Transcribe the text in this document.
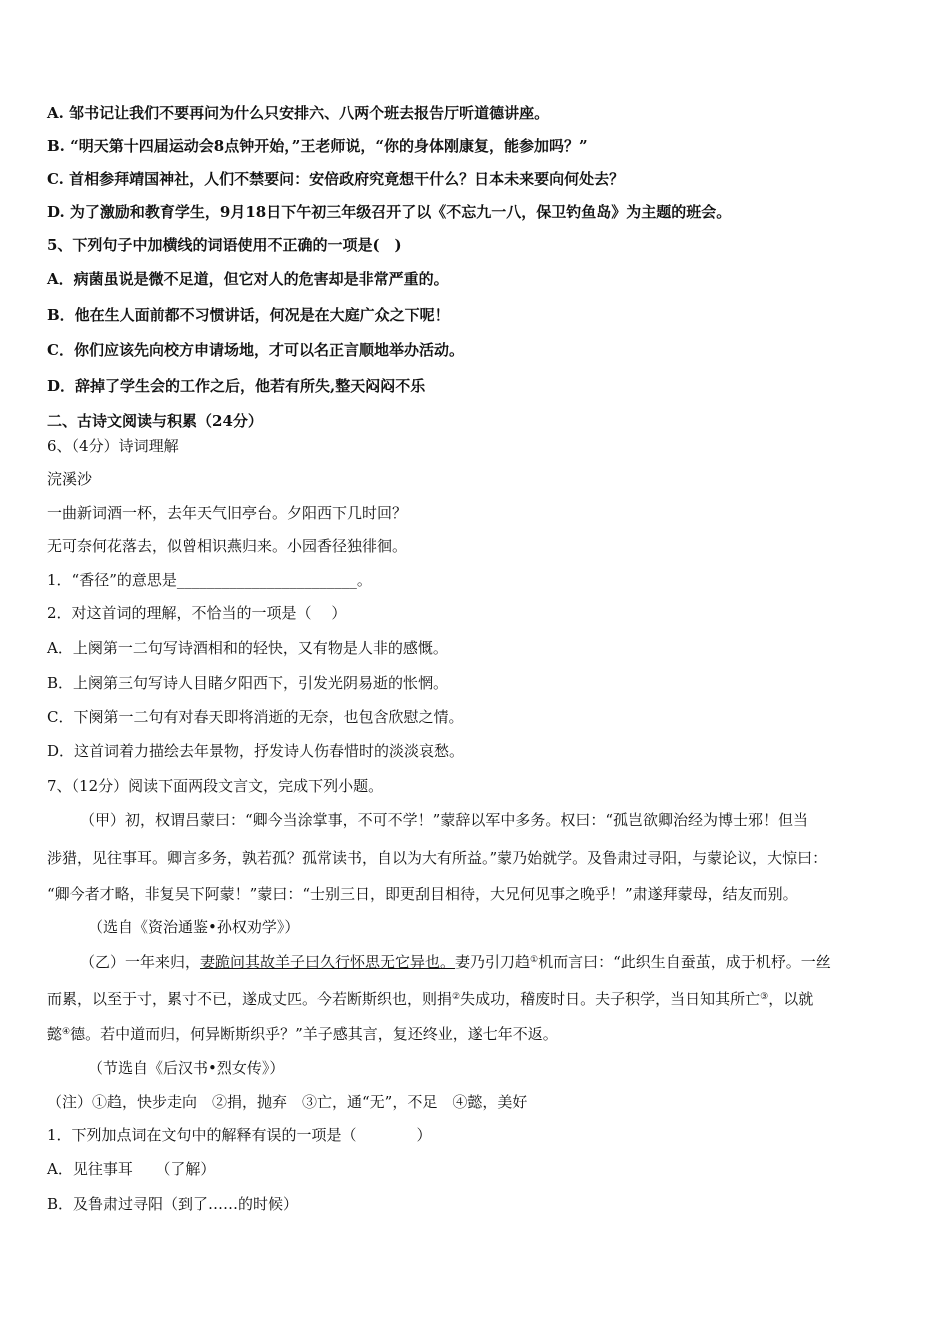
A. 邹书记让我们不要再问为什么只安排六、八两个班去报告厅听道德讲座。
B. “明天第十四届运动会8点钟开始，”王老师说，“你的身体刚康复，能参加吗？”
C. 首相参拜靖国神社，人们不禁要问：安倍政府究竟想干什么？日本未来要向何处去？
D. 为了激励和教育学生，9月18日下午初三年级召开了以《不忘九一八，保卫钓鱼岛》为主题的班会。
5、下列句子中加横线的词语使用不正确的一项是(　)
A．病菌虽说是微不足道，但它对人的危害却是非常严重的。
B．他在生人面前都不习惯讲话，何况是在大庭广众之下呢！
C．你们应该先向校方申请场地，才可以名正言顺地举办活动。
D．辞掉了学生会的工作之后，他若有所失,整天闷闷不乐
二、古诗文阅读与积累（24分）
6、（4分）诗词理解
浣溪沙
一曲新词酒一杯，去年天气旧亭台。夕阳西下几时回？
无可奈何花落去，似曾相识燕归来。小园香径独徘徊。
1．“香径”的意思是________________________。
2．对这首词的理解，不恰当的一项是（　 ）
A．上阕第一二句写诗酒相和的轻快，又有物是人非的感慨。
B．上阕第三句写诗人目睹夕阳西下，引发光阴易逝的怅惘。
C．下阕第一二句有对春天即将消逝的无奈，也包含欣慰之情。
D．这首词着力描绘去年景物，抒发诗人伤春惜时的淡淡哀愁。
7、（12分）阅读下面两段文言文，完成下列小题。
（甲）初，权谓吕蒙曰：“卿今当涂掌事，不可不学！”蒙辞以军中多务。权曰：“孤岂欲卿治经为博士邪！但当
涉猎，见往事耳。卿言多务，孰若孤？孤常读书，自以为大有所益。”蒙乃始就学。及鲁肃过寻阳，与蒙论议，大惊曰：
“卿今者才略，非复吴下阿蒙！”蒙曰：“士别三日，即更刮目相待，大兄何见事之晚乎！”肃遂拜蒙母，结友而别。
（选自《资治通鉴•孙权劝学》）
（乙）一年来归，妻跪问其故羊子曰久行怀思无它异也。妻乃引刀趋①机而言曰：“此织生自蚕茧，成于机杼。一丝
而累，以至于寸，累寸不已，遂成丈匹。今若断斯织也，则捐②失成功，稽废时日。夫子积学，当日知其所亡③，以就
懿④德。若中道而归，何异断斯织乎？”羊子感其言，复还终业，遂七年不返。
（节选自《后汉书•烈女传》）
（注）①趋，快步走向　②捐，抛弃　③亡，通“无”，不足　④懿，美好
1．下列加点词在文句中的解释有误的一项是（　　　　）
A．见往事耳　　（了解）
B．及鲁肃过寻阳（到了……的时候）
